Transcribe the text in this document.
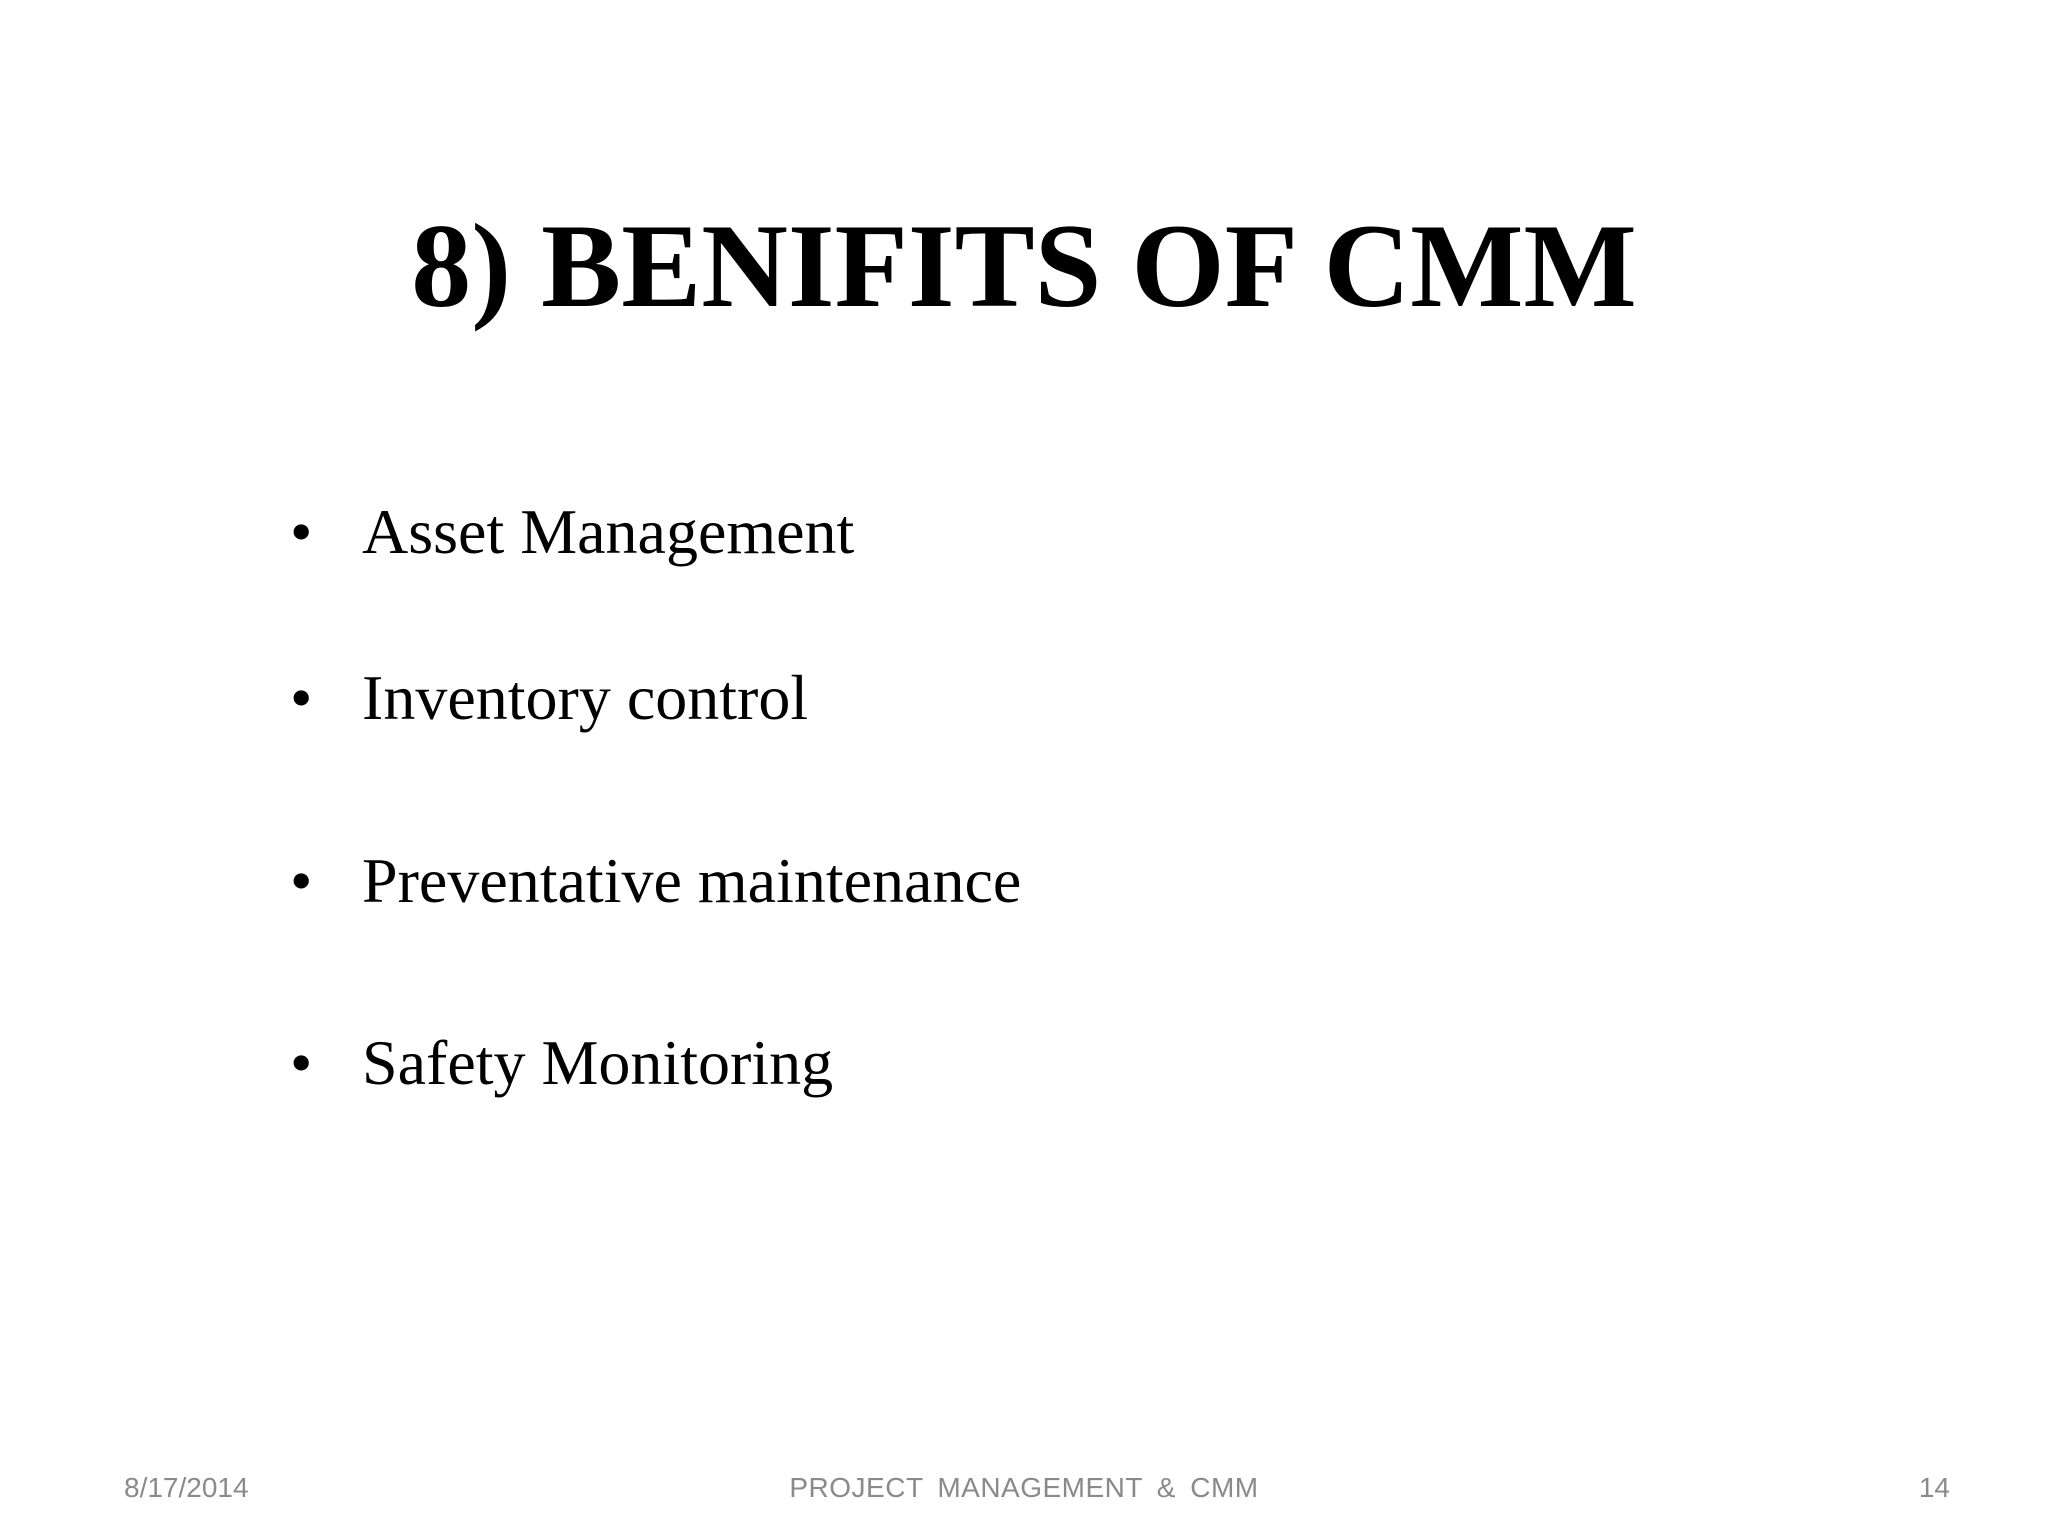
8) BENIFITS OF CMM
• Asset Management
• Inventory control
• Preventative maintenance
• Safety Monitoring
8/17/2014	PROJECT MANAGEMENT & CMM	14
